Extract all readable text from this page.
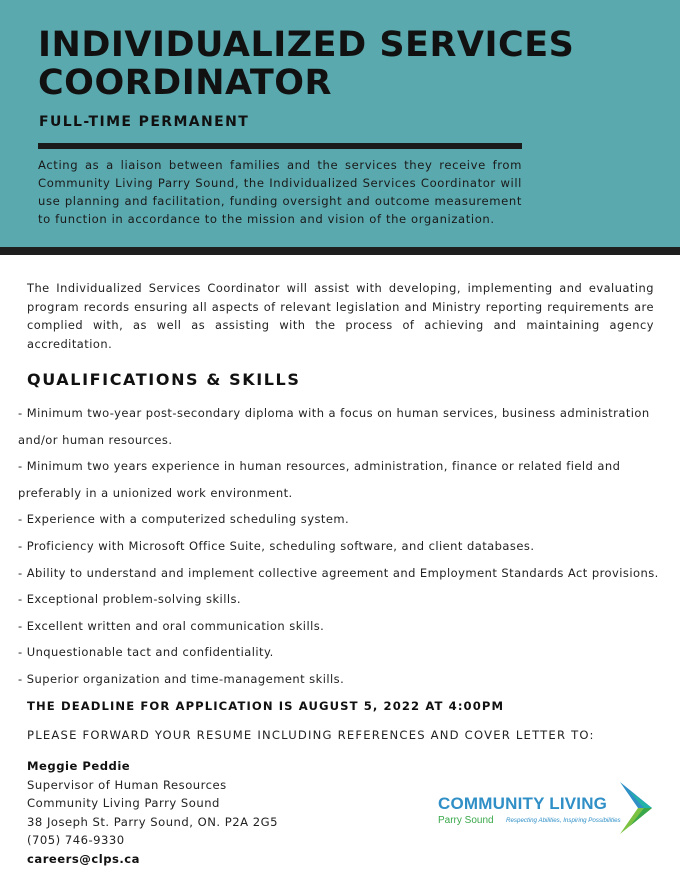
INDIVIDUALIZED SERVICES
COORDINATOR
FULL-TIME PERMANENT

Acting as a liaison between families and the services they receive from Community Living Parry Sound, the Individualized Services Coordinator will use planning and facilitation, funding oversight and outcome measurement to function in accordance to the mission and vision of the organization.

The Individualized Services Coordinator will assist with developing, implementing and evaluating program records ensuring all aspects of relevant legislation and Ministry reporting requirements are complied with, as well as assisting with the process of achieving and maintaining agency accreditation.

QUALIFICATIONS & SKILLS
- Minimum two-year post-secondary diploma with a focus on human services, business administration
and/or human resources.
- Minimum two years experience in human resources, administration, finance or related field and
preferably in a unionized work environment.
- Experience with a computerized scheduling system.
- Proficiency with Microsoft Office Suite, scheduling software, and client databases.
- Ability to understand and implement collective agreement and Employment Standards Act provisions.
- Exceptional problem-solving skills.
- Excellent written and oral communication skills.
- Unquestionable tact and confidentiality.
- Superior organization and time-management skills.
THE DEADLINE FOR APPLICATION IS AUGUST 5, 2022 AT 4:00PM
PLEASE FORWARD YOUR RESUME INCLUDING REFERENCES AND COVER LETTER TO:
Meggie Peddie
Supervisor of Human Resources
Community Living Parry Sound
38 Joseph St. Parry Sound, ON. P2A 2G5
(705) 746-9330
careers@clps.ca
COMMUNITY LIVING
Parry Sound Respecting Abilities, Inspiring Possibilities
